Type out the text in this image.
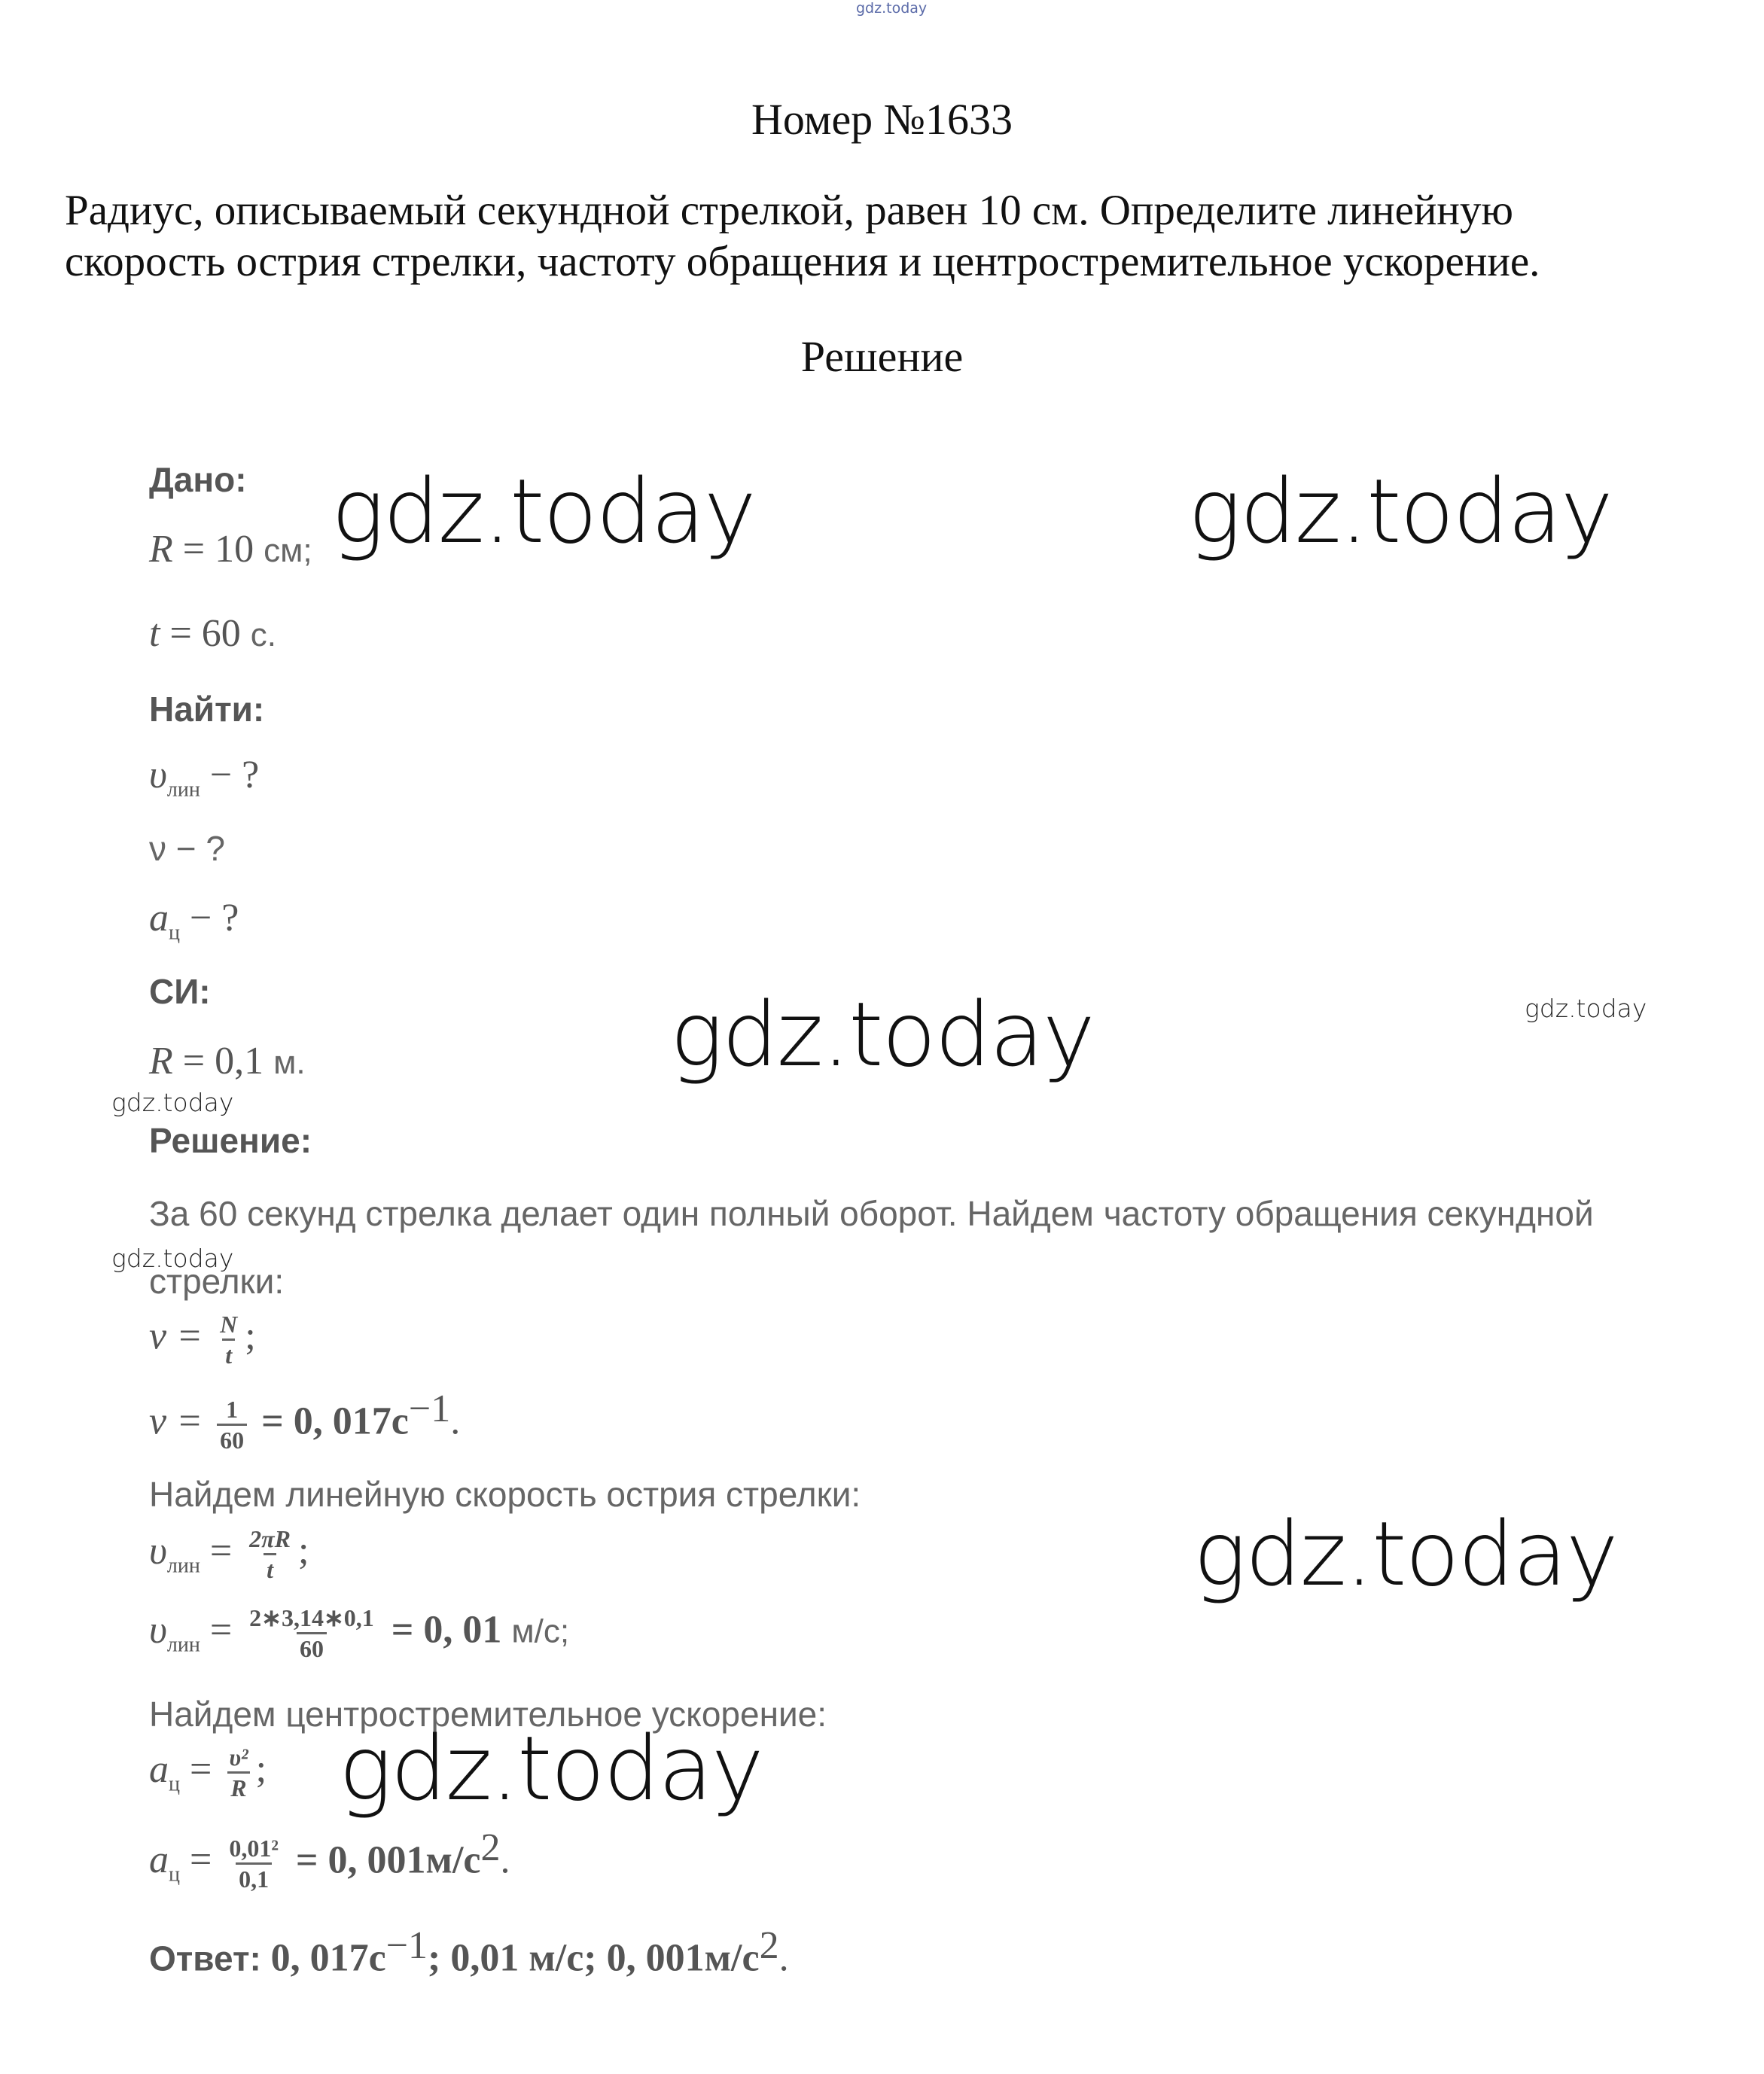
gdz.today
Номер №1633
Радиус, описываемый секундной стрелкой, равен 10 см. Определите линейную
скорость острия стрелки, частоту обращения и центростремительное ускорение.
Решение
Дано:
R = 10 см;
t = 60 с.
Найти:
$\upsilon_{лин}$ − ?
ν − ?
$a_ц$ − ?
СИ:
R = 0,1 м.
Решение:
За 60 секунд стрелка делает один полный оборот. Найдем частоту обращения секундной
стрелки:
$\nu = \frac{N}{t}$ ;
$\nu = \frac{1}{60} = 0$, $017с^{-1}$.
Найдем линейную скорость острия стрелки:
$\upsilon_{лин} = \frac{2\pi R}{t}$ ;
$\upsilon_{лин} = \frac{2∗3,14∗0,1}{60} = 0$, 01 м/с;
Найдем центростремительное ускорение:
$a_ц = \frac{\text{υ²}}{R}$ ;
$a_ц = \frac{\text{0,01²}}{0,1} = 0$, $001м/с^2$.
Ответ: 0, $017с^{-1}$; 0,01 м/с; 0, $001м/с^2$.
gdz.today	gdz.today
gdz.today
gdz.today
gdz.today
gdz.today
gdz.today
gdz.today
